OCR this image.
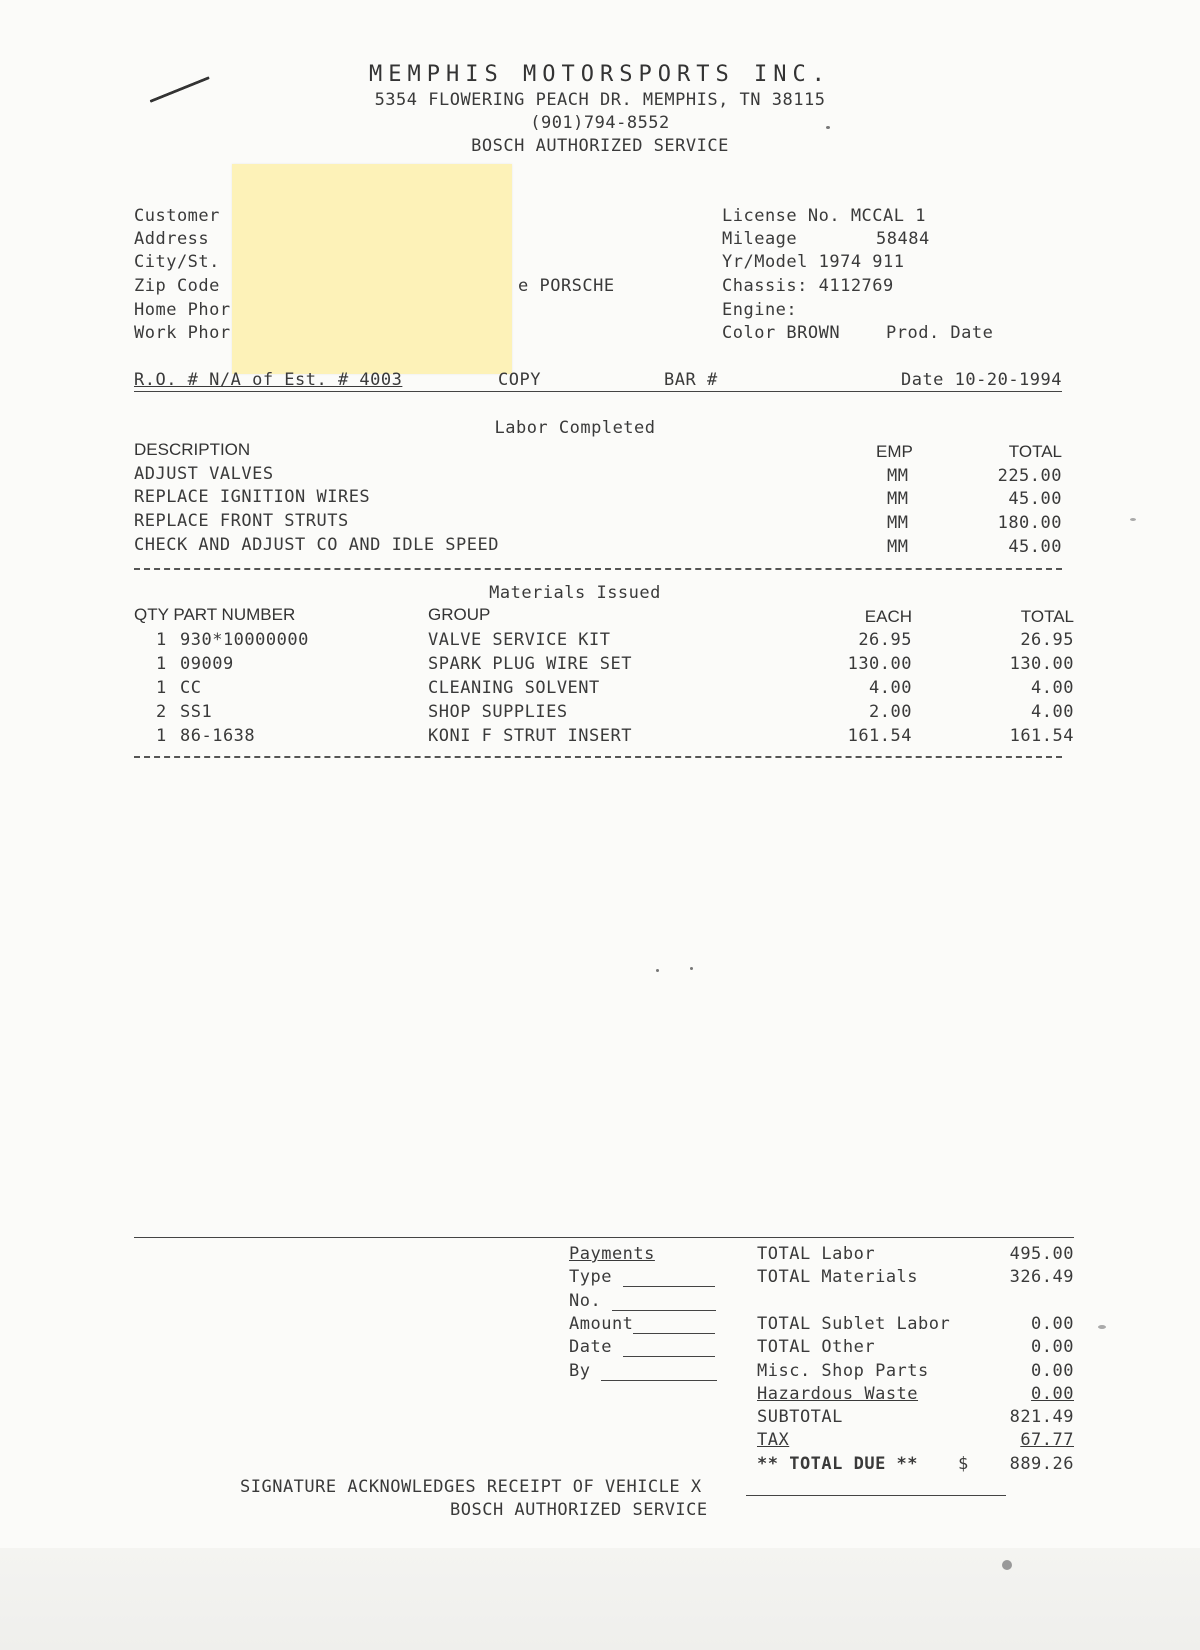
MEMPHIS MOTORSPORTS INC.
5354 FLOWERING PEACH DR. MEMPHIS, TN 38115
(901)794-8552
BOSCH AUTHORIZED SERVICE
Customer
Address
City/St.
Zip Code
Home Phor
Work Phor
e PORSCHE
License No. MCCAL 1
Mileage	58484
Yr/Model 1974 911
Chassis: 4112769
Engine:
Color BROWN	Prod. Date
R.O. # N/A of Est. # 4003	COPY	BAR #	Date 10-20-1994
Labor Completed
DESCRIPTION	EMP	TOTAL
ADJUST VALVES	MM	225.00
REPLACE IGNITION WIRES	MM	45.00
REPLACE FRONT STRUTS	MM	180.00
CHECK AND ADJUST CO AND IDLE SPEED	MM	45.00
Materials Issued
QTY PART NUMBER	GROUP	EACH	TOTAL
1 930*10000000	VALVE SERVICE KIT	26.95	26.95
1 09009	SPARK PLUG WIRE SET	130.00	130.00
1 CC	CLEANING SOLVENT	4.00	4.00
2 SS1	SHOP SUPPLIES	2.00	4.00
1 86-1638	KONI F STRUT INSERT	161.54	161.54
Payments
Type
No.
Amount
Date
By
TOTAL Labor	495.00
TOTAL Materials	326.49
TOTAL Sublet Labor	0.00
TOTAL Other	0.00
Misc. Shop Parts	0.00
Hazardous Waste	0.00
SUBTOTAL	821.49
TAX	67.77
** TOTAL DUE ** $	889.26
SIGNATURE ACKNOWLEDGES RECEIPT OF VEHICLE X
BOSCH AUTHORIZED SERVICE
